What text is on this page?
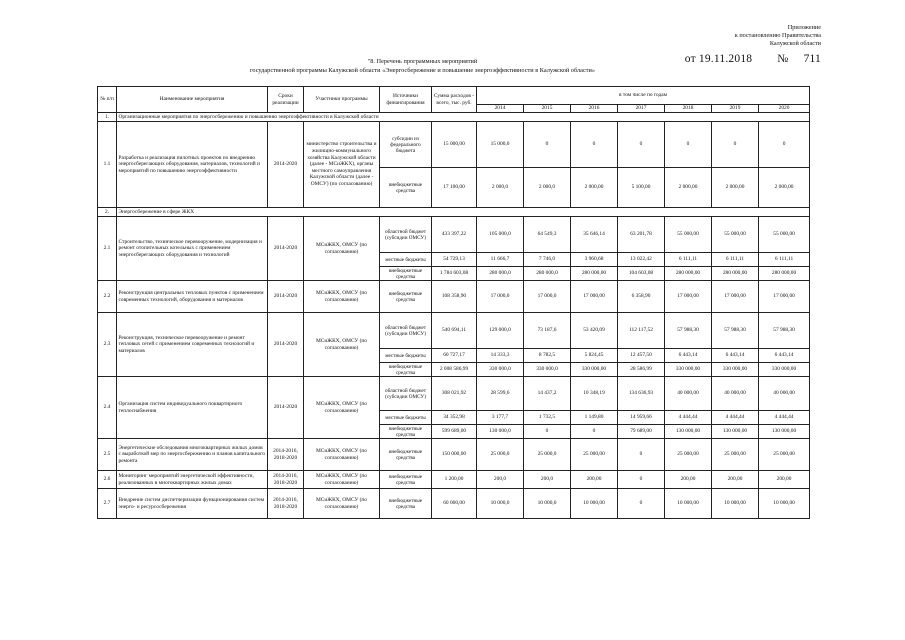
Приложение
к постановлению Правительства
Калужской области
от 19.11.2018 № 711
"8. Перечень программных мероприятий
государственной программы Калужской области «Энергосбережение и повышение энергоэффективности в Калужской области»
№ п/п	Наименование мероприятия	Сроки реализации	Участники программы	Источники финансирования	Сумма расходов - всего, тыс. руб.	в том числе по годам						
						2014	2015	2016	2017	2018	2019	2020
1.	Организационные мероприятия по энергосбережению и повышению энергоэффективности в Калужской области											
1.1	Разработка и реализация пилотных проектов по внедрению энергосберегающих оборудования, материалов, технологий и мероприятий по повышению энергоэффективности	2014-2020	министерство строительства и жилищно-коммунального хозяйства Калужской области (далее - МСиЖКХ), органы местного самоуправления Калужской области (далее - ОМСУ) (по согласованию)	субсидии из федерального бюджета	15 000,00	15 000,0	0	0	0	0	0	0
				внебюджетные средства	17 100,00	2 000,0	2 000,0	2 000,00	5 100,00	2 000,00	2 000,00	2 000,00
2.	Энергосбережение в сфере ЖКХ											
2.1	Строительство, техническое перевооружение, модернизация и ремонт отопительных котельных с применением энергосберегающих оборудования и технологий	2014-2020	МСиЖКХ, ОМСУ (по согласованию)	областной бюджет (субсидии ОМСУ)	433 397,22	105 000,0	64 549,3	35 646,14	63 201,78	55 000,00	55 000,00	55 000,00
				местные бюджеты	54 729,13	11 666,7	7 746,0	3 960,68	13 022,42	6 111,11	6 111,11	6 111,11
				внебюджетные средства	1 784 603,08	280 000,0	280 000,0	280 000,00	104 603,08	280 000,00	280 000,00	280 000,00
2.2	Реконструкция центральных тепловых пунктов с применением современных технологий, оборудования и материалов	2014-2020	МСиЖКХ, ОМСУ (по согласованию)	внебюджетные средства	108 358,90	17 000,0	17 000,0	17 000,00	6 358,90	17 000,00	17 000,00	17 000,00
2.3	Реконструкция, техническое перевооружение и ремонт тепловых сетей с применением современных технологий и материалов	2014-2020	МСиЖКХ, ОМСУ (по согласованию)	областной бюджет (субсидии ОМСУ)	540 694,11	129 000,0	73 187,6	53 420,09	112 117,52	57 988,30	57 988,30	57 988,30
				местные бюджеты	60 727,17	14 333,3	8 782,5	5 824,45	12 457,50	6 443,14	6 443,14	6 443,14
				внебюджетные средства	2 008 586,99	330 000,0	330 000,0	330 000,00	28 586,99	330 000,00	330 000,00	330 000,00
2.4	Организация систем индивидуального поквартирного теплоснабжения	2014-2020	МСиЖКХ, ОМСУ (по согласованию)	областной бюджет (субсидии ОМСУ)	308 021,92	28 599,6	14 437,2	10 348,19	134 636,93	40 000,00	40 000,00	40 000,00
				местные бюджеты	34 352,98	3 177,7	1 732,5	1 149,80	14 959,66	4 444,44	4 444,44	4 444,44
				внебюджетные средства	599 689,00	130 000,0	0	0	79 689,00	130 000,00	130 000,00	130 000,00
2.5	Энергетические обследования многоквартирных жилых домов с выработкой мер по энергосбережению и планов капитального ремонта	2014-2016, 2018-2020	МСиЖКХ, ОМСУ (по согласованию)	внебюджетные средства	150 000,00	25 000,0	25 000,0	25 000,00	0	25 000,00	25 000,00	25 000,00
2.6	Мониторинг мероприятий энергетической эффективности, реализованных в многоквартирных жилых домах	2014-2016, 2018-2020	МСиЖКХ, ОМСУ (по согласованию)	внебюджетные средства	1 200,00	200,0	200,0	200,00	0	200,00	200,00	200,00
2.7	Внедрение систем диспетчеризации функционирования систем энерго- и ресурсосбережения	2014-2016, 2018-2020	МСиЖКХ, ОМСУ (по согласованию)	внебюджетные средства	60 000,00	10 000,0	10 000,0	10 000,00	0	10 000,00	10 000,00	10 000,00
